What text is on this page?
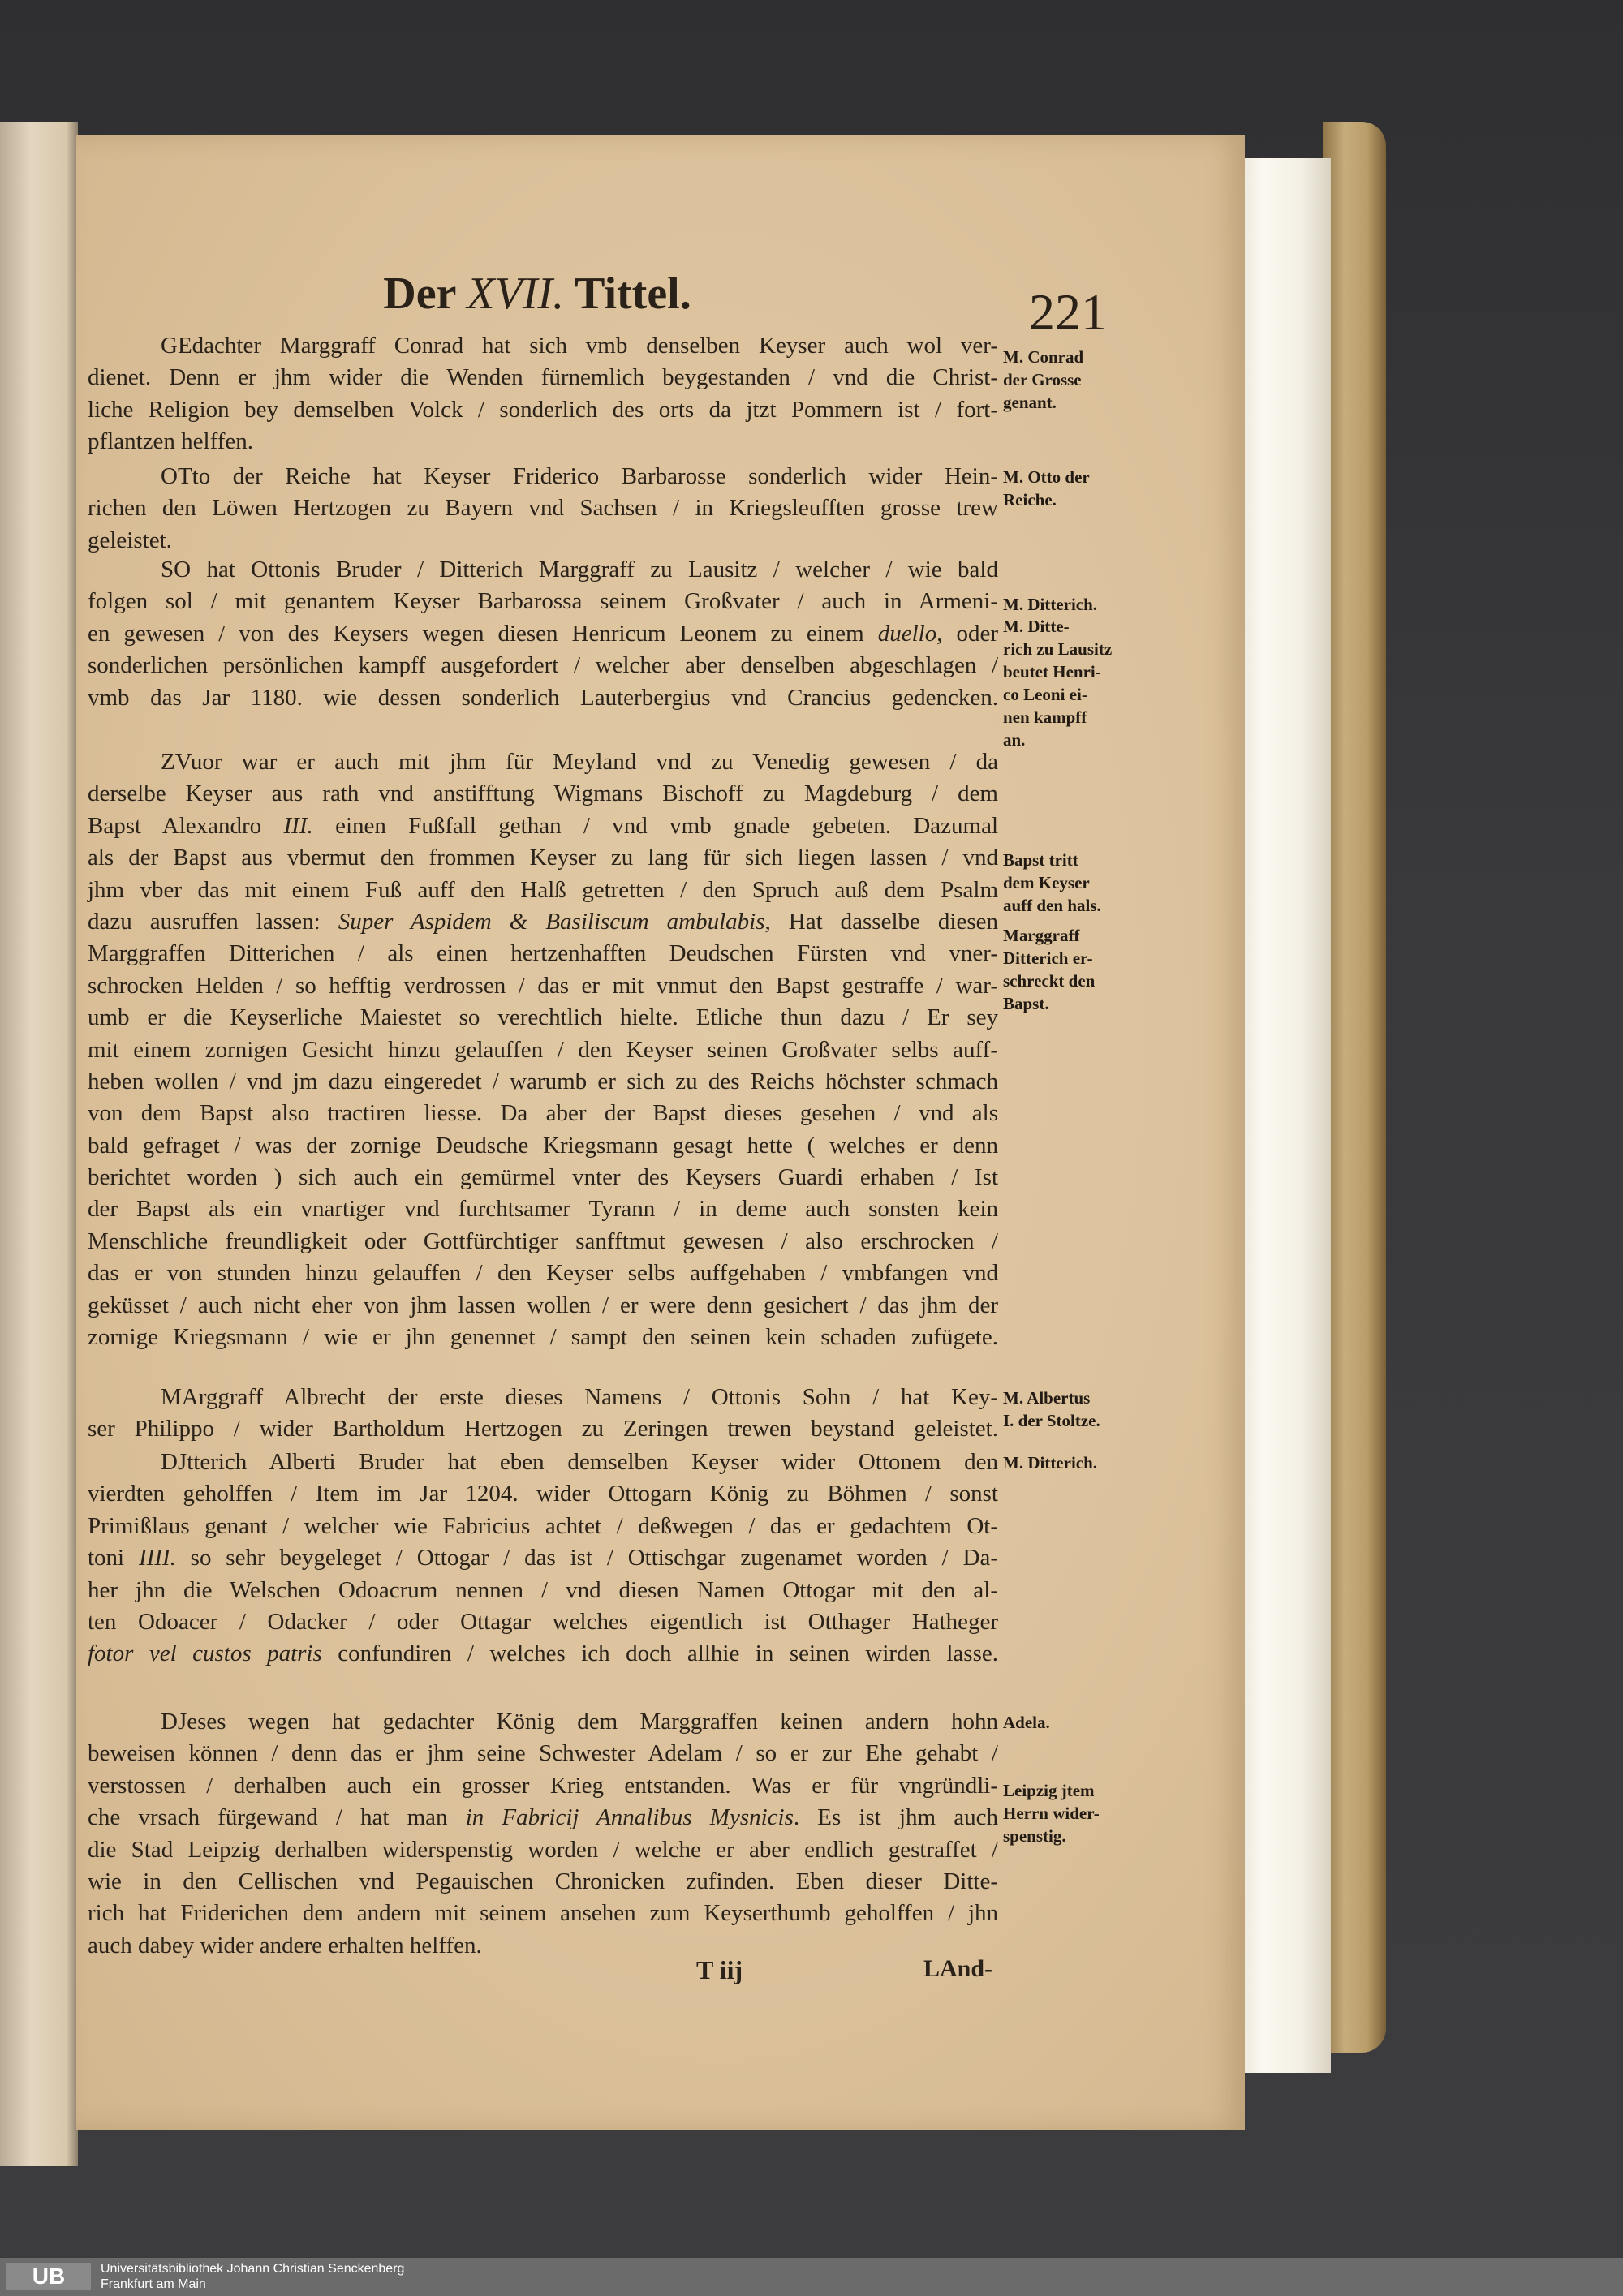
Der XVII. Tittel.	221
GEdachter Marggraff Conrad hat sich vmb denselben Keyser auch wol ver-
dienet. Denn er jhm wider die Wenden fürnemlich beygestanden / vnd die Christ-
liche Religion bey demselben Volck / sonderlich des orts da jtzt Pommern ist / fort-
pflantzen helffen.
OTto der Reiche hat Keyser Friderico Barbarosse sonderlich wider Hein-
richen den Löwen Hertzogen zu Bayern vnd Sachsen / in Kriegsleufften grosse trew
geleistet.
SO hat Ottonis Bruder / Ditterich Marggraff zu Lausitz / welcher / wie bald
folgen sol / mit genantem Keyser Barbarossa seinem Großvater / auch in Armeni-
en gewesen / von des Keysers wegen diesen Henricum Leonem zu einem duello, oder
sonderlichen persönlichen kampff ausgefordert / welcher aber denselben abgeschlagen /
vmb das Jar 1180. wie dessen sonderlich Lauterbergius vnd Crancius gedencken.
ZVuor war er auch mit jhm für Meyland vnd zu Venedig gewesen / da
derselbe Keyser aus rath vnd anstifftung Wigmans Bischoff zu Magdeburg / dem
Bapst Alexandro III. einen Fußfall gethan / vnd vmb gnade gebeten. Dazumal
als der Bapst aus vbermut den frommen Keyser zu lang für sich liegen lassen / vnd
jhm vber das mit einem Fuß auff den Halß getretten / den Spruch auß dem Psalm
dazu ausruffen lassen: Super Aspidem & Basiliscum ambulabis, Hat dasselbe diesen
Marggraffen Ditterichen / als einen hertzenhafften Deudschen Fürsten vnd vner-
schrocken Helden / so hefftig verdrossen / das er mit vnmut den Bapst gestraffe / war-
umb er die Keyserliche Maiestet so verechtlich hielte. Etliche thun dazu / Er sey
mit einem zornigen Gesicht hinzu gelauffen / den Keyser seinen Großvater selbs auff-
heben wollen / vnd jm dazu eingeredet / warumb er sich zu des Reichs höchster schmach
von dem Bapst also tractiren liesse. Da aber der Bapst dieses gesehen / vnd als
bald gefraget / was der zornige Deudsche Kriegsmann gesagt hette ( welches er denn
berichtet worden ) sich auch ein gemürmel vnter des Keysers Guardi erhaben / Ist
der Bapst als ein vnartiger vnd furchtsamer Tyrann / in deme auch sonsten kein
Menschliche freundligkeit oder Gottfürchtiger sanfftmut gewesen / also erschrocken /
das er von stunden hinzu gelauffen / den Keyser selbs auffgehaben / vmbfangen vnd
geküsset / auch nicht eher von jhm lassen wollen / er were denn gesichert / das jhm der
zornige Kriegsmann / wie er jhn genennet / sampt den seinen kein schaden zufügete.
MArggraff Albrecht der erste dieses Namens / Ottonis Sohn / hat Key-
ser Philippo / wider Bartholdum Hertzogen zu Zeringen trewen beystand geleistet.
DJtterich Alberti Bruder hat eben demselben Keyser wider Ottonem den
vierdten geholffen / Item im Jar 1204. wider Ottogarn König zu Böhmen / sonst
Primißlaus genant / welcher wie Fabricius achtet / deßwegen / das er gedachtem Ot-
toni IIII. so sehr beygeleget / Ottogar / das ist / Ottischgar zugenamet worden / Da-
her jhn die Welschen Odoacrum nennen / vnd diesen Namen Ottogar mit den al-
ten Odoacer / Odacker / oder Ottagar welches eigentlich ist Otthager Hatheger
fotor vel custos patris confundiren / welches ich doch allhie in seinen wirden lasse.
DJeses wegen hat gedachter König dem Marggraffen keinen andern hohn
beweisen können / denn das er jhm seine Schwester Adelam / so er zur Ehe gehabt /
verstossen / derhalben auch ein grosser Krieg entstanden. Was er für vngründli-
che vrsach fürgewand / hat man in Fabricij Annalibus Mysnicis. Es ist jhm auch
die Stad Leipzig derhalben widerspenstig worden / welche er aber endlich gestraffet /
wie in den Cellischen vnd Pegauischen Chronicken zufinden. Eben dieser Ditte-
rich hat Friderichen dem andern mit seinem ansehen zum Keyserthumb geholffen / jhn
auch dabey wider andere erhalten helffen.
M. Conrad
der Grosse
genant.
M. Otto der
Reiche.
M. Ditterich.
M. Ditte-
rich zu Lausitz
beutet Henri-
co Leoni ei-
nen kampff
an.
Bapst tritt
dem Keyser
auff den hals.
Marggraff
Ditterich er-
schreckt den
Bapst.
M. Albertus
I. der Stoltze.
M. Ditterich.
Adela.
Leipzig jtem
Herrn wider-
spenstig.
T iij	LAnd-
UB	Universitätsbibliothek Johann Christian Senckenberg
Frankfurt am Main
